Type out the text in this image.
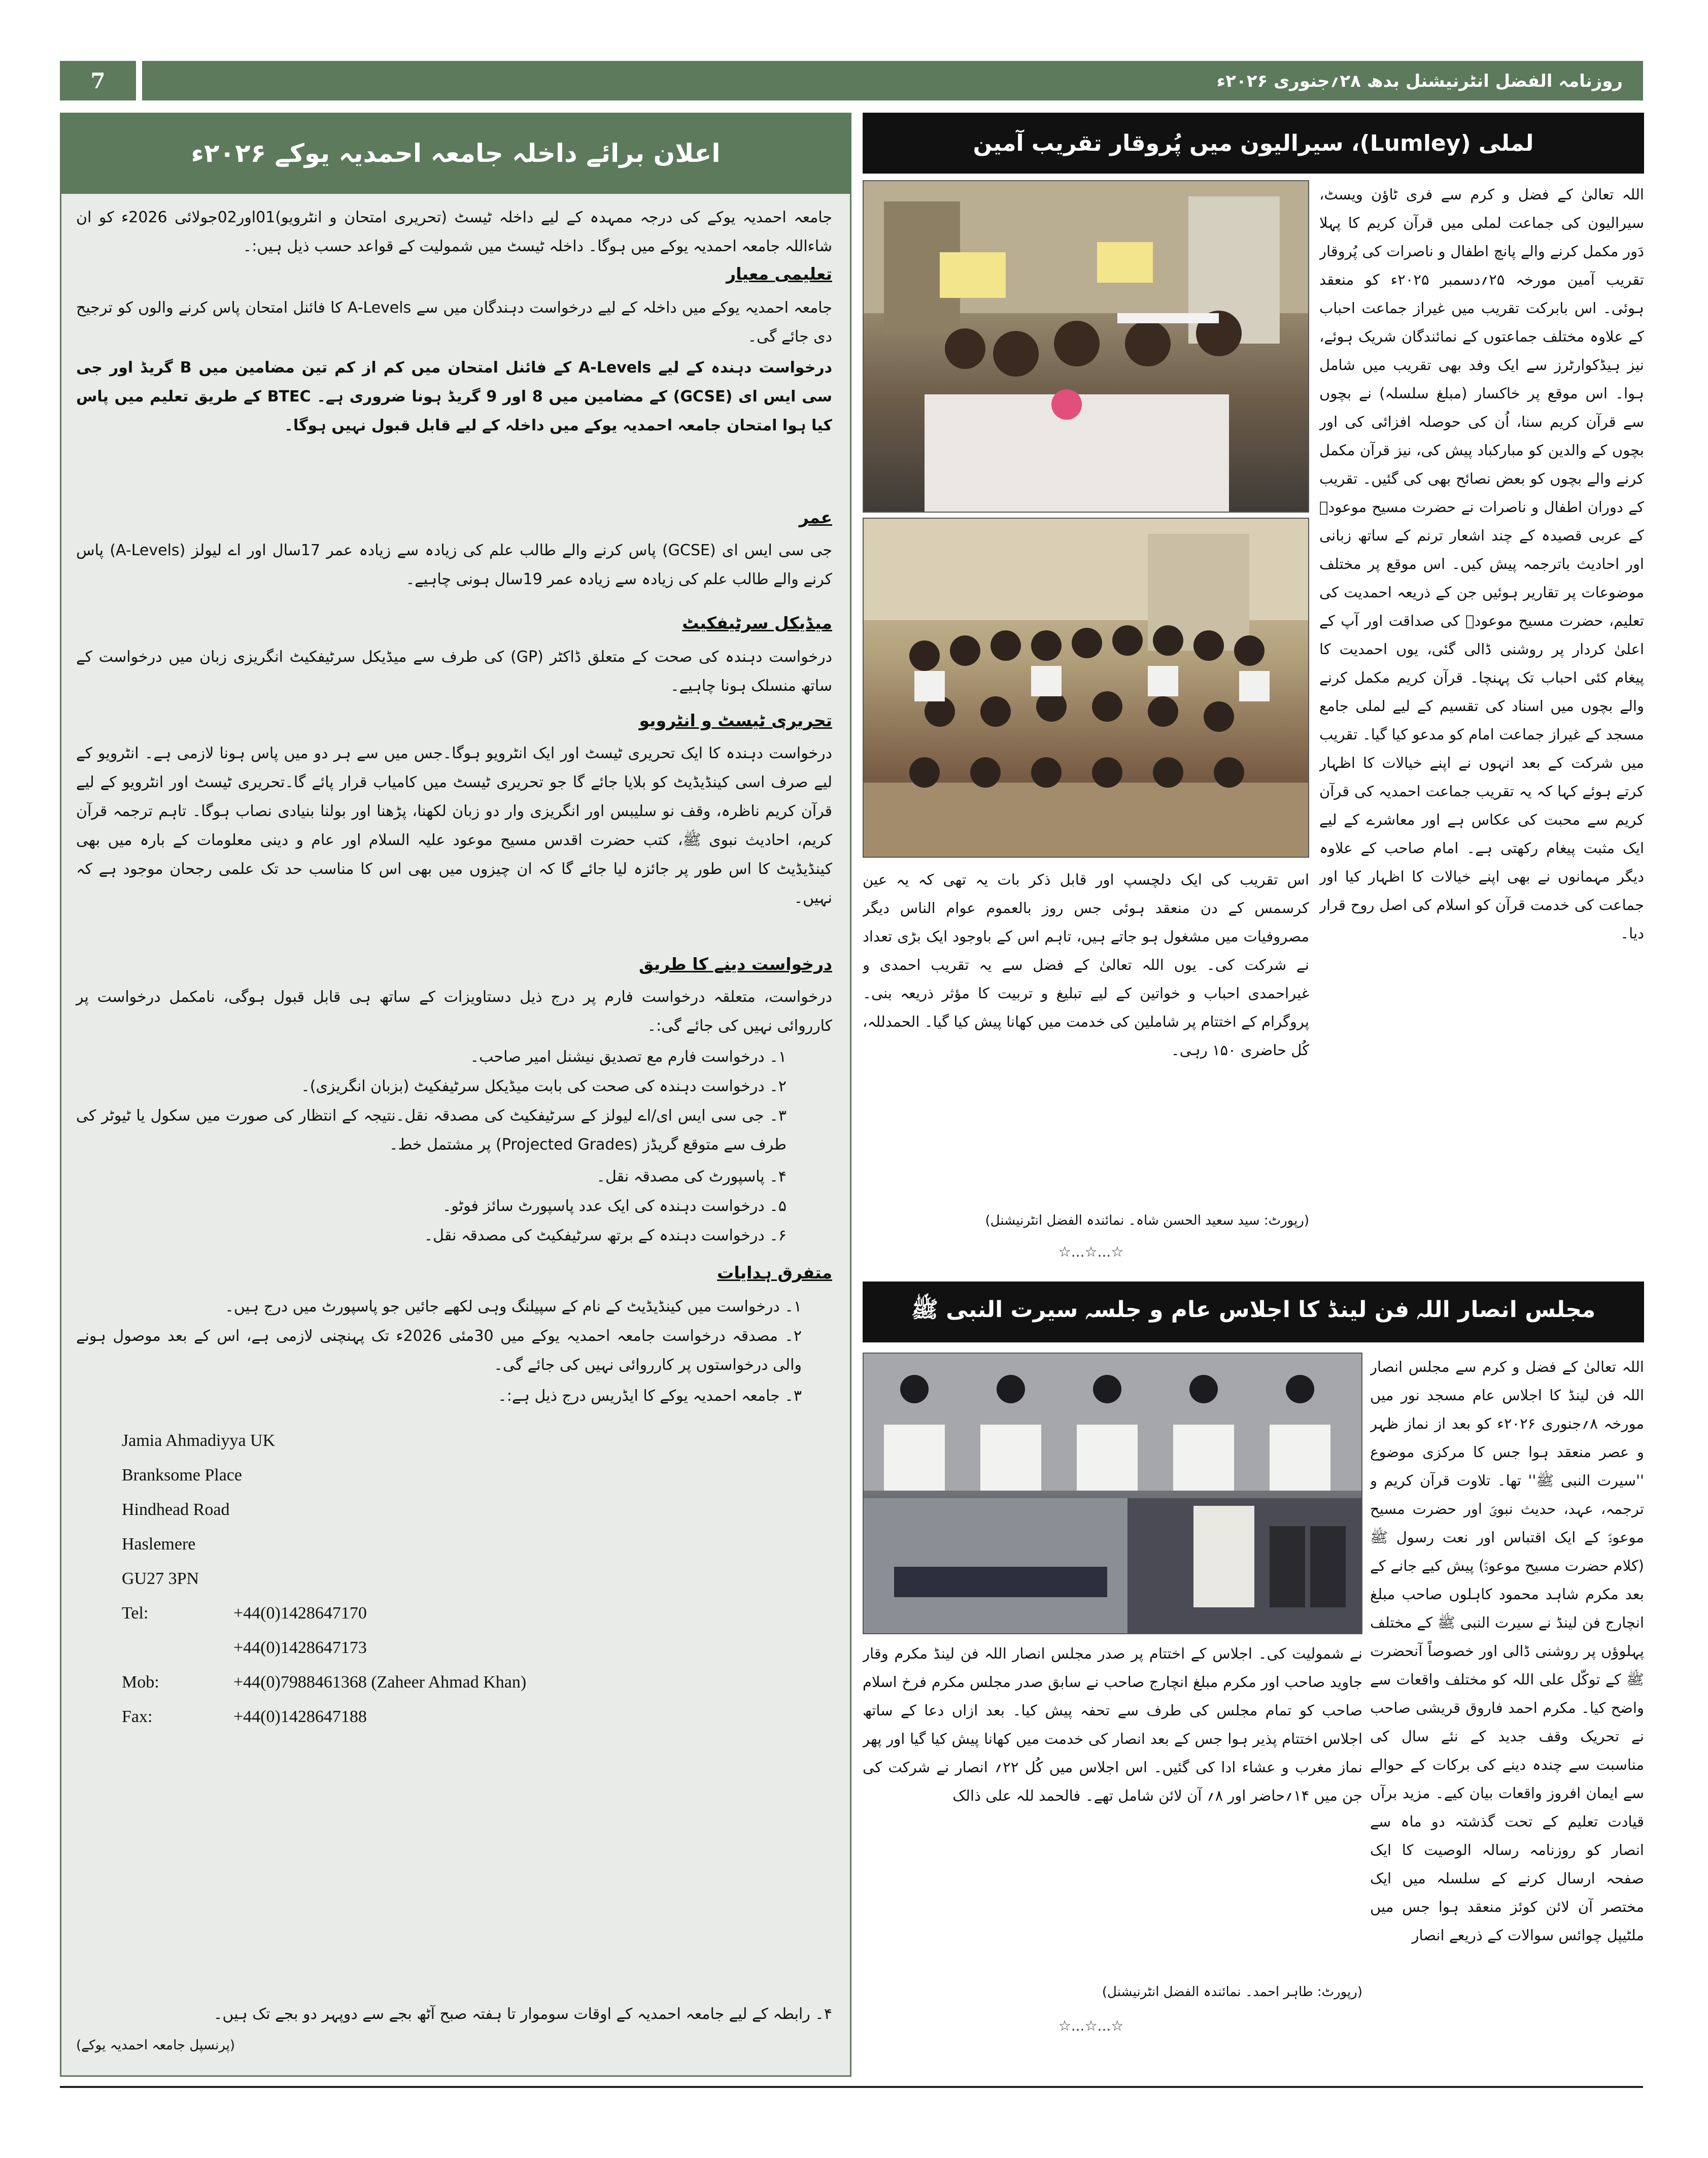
7	روزنامہ الفضل انٹرنیشنل بدھ ۲۸؍جنوری ۲۰۲۶ء
اعلان برائے داخلہ جامعہ احمدیہ یوکے ۲۰۲۶ء
جامعہ احمدیہ یوکے کی درجہ ممہدہ کے لیے داخلہ ٹیسٹ (تحریری امتحان و انٹرویو)01اور02جولائی 2026ء کو ان شاءاللہ جامعہ احمدیہ یوکے میں ہوگا۔ داخلہ ٹیسٹ میں شمولیت کے قواعد حسب ذیل ہیں:۔
تعلیمی معیار
جامعہ احمدیہ یوکے میں داخلہ کے لیے درخواست دہندگان میں سے A-Levels کا فائنل امتحان پاس کرنے والوں کو ترجیح دی جائے گی۔
درخواست دہندہ کے لیے A-Levels کے فائنل امتحان میں کم از کم تین مضامین میں B گریڈ اور جی سی ایس ای (GCSE) کے مضامین میں 8 اور 9 گریڈ ہونا ضروری ہے۔ BTEC کے طریق تعلیم میں پاس کیا ہوا امتحان جامعہ احمدیہ یوکے میں داخلہ کے لیے قابل قبول نہیں ہوگا۔
عمر
جی سی ایس ای (GCSE) پاس کرنے والے طالب علم کی زیادہ سے زیادہ عمر 17سال اور اے لیولز (A-Levels) پاس کرنے والے طالب علم کی زیادہ سے زیادہ عمر 19سال ہونی چاہیے۔
میڈیکل سرٹیفکیٹ
درخواست دہندہ کی صحت کے متعلق ڈاکٹر (GP) کی طرف سے میڈیکل سرٹیفکیٹ انگریزی زبان میں درخواست کے ساتھ منسلک ہونا چاہیے۔
تحریری ٹیسٹ و انٹرویو
درخواست دہندہ کا ایک تحریری ٹیسٹ اور ایک انٹرویو ہوگا۔جس میں سے ہر دو میں پاس ہونا لازمی ہے۔ انٹرویو کے لیے صرف اسی کینڈیڈیٹ کو بلایا جائے گا جو تحریری ٹیسٹ میں کامیاب قرار پائے گا۔تحریری ٹیسٹ اور انٹرویو کے لیے قرآن کریم ناظرہ، وقف نو سلیبس اور انگریزی وار دو زبان لکھنا، پڑھنا اور بولنا بنیادی نصاب ہوگا۔ تاہم ترجمہ قرآن کریم، احادیث نبوی ﷺ، کتب حضرت اقدس مسیح موعود علیہ السلام اور عام و دینی معلومات کے بارہ میں بھی کینڈیڈیٹ کا اس طور پر جائزہ لیا جائے گا کہ ان چیزوں میں بھی اس کا مناسب حد تک علمی رجحان موجود ہے کہ نہیں۔
درخواست دینے کا طریق
درخواست، متعلقہ درخواست فارم پر درج ذیل دستاویزات کے ساتھ ہی قابل قبول ہوگی، نامکمل درخواست پر کارروائی نہیں کی جائے گی:۔
۱۔ درخواست فارم مع تصدیق نیشنل امیر صاحب۔
۲۔ درخواست دہندہ کی صحت کی بابت میڈیکل سرٹیفکیٹ (بزبان انگریزی)۔
۳۔ جی سی ایس ای/اے لیولز کے سرٹیفکیٹ کی مصدقہ نقل۔نتیجہ کے انتظار کی صورت میں سکول یا ٹیوٹر کی طرف سے متوقع گریڈز (Projected Grades) پر مشتمل خط۔
۴۔ پاسپورٹ کی مصدقہ نقل۔
۵۔ درخواست دہندہ کی ایک عدد پاسپورٹ سائز فوٹو۔
۶۔ درخواست دہندہ کے برتھ سرٹیفکیٹ کی مصدقہ نقل۔
متفرق ہدایات
۱۔ درخواست میں کینڈیڈیٹ کے نام کے سپیلنگ وہی لکھے جائیں جو پاسپورٹ میں درج ہیں۔
۲۔ مصدقہ درخواست جامعہ احمدیہ یوکے میں 30مئی 2026ء تک پہنچنی لازمی ہے، اس کے بعد موصول ہونے والی درخواستوں پر کارروائی نہیں کی جائے گی۔
۳۔ جامعہ احمدیہ یوکے کا ایڈریس درج ذیل ہے:۔
Jamia Ahmadiyya UK
Branksome Place
Hindhead Road
Haslemere
GU27 3PN
Tel:	+44(0)1428647170
+44(0)1428647173
Mob:	+44(0)7988461368 (Zaheer Ahmad Khan)
Fax:	+44(0)1428647188
۴۔ رابطہ کے لیے جامعہ احمدیہ کے اوقات سوموار تا ہفتہ صبح آٹھ بجے سے دوپہر دو بجے تک ہیں۔
(پرنسپل جامعہ احمدیہ یوکے)
لملی (Lumley)، سیرالیون میں پُروقار تقریب آمین
اللہ تعالیٰ کے فضل و کرم سے فری ٹاؤن ویسٹ، سیرالیون کی جماعت لملی میں قرآن کریم کا پہلا دَور مکمل کرنے والے پانچ اطفال و ناصرات کی پُروقار تقریب آمین مورخہ ۲۵؍دسمبر ۲۰۲۵ء کو منعقد ہوئی۔ اس بابرکت تقریب میں غیراز جماعت احباب کے علاوہ مختلف جماعتوں کے نمائندگان شریک ہوئے، نیز ہیڈکوارٹرز سے ایک وفد بھی تقریب میں شامل ہوا۔ اس موقع پر خاکسار (مبلغ سلسلہ) نے بچوں سے قرآن کریم سنا، اُن کی حوصلہ افزائی کی اور بچوں کے والدین کو مبارکباد پیش کی، نیز قرآن مکمل کرنے والے بچوں کو بعض نصائح بھی کی گئیں۔ تقریب کے دوران اطفال و ناصرات نے حضرت مسیح موعودؑ کے عربی قصیدہ کے چند اشعار ترنم کے ساتھ زبانی اور احادیث باترجمہ پیش کیں۔ اس موقع پر مختلف موضوعات پر تقاریر ہوئیں جن کے ذریعہ احمدیت کی تعلیم، حضرت مسیح موعودؑ کی صداقت اور آپ کے اعلیٰ کردار پر روشنی ڈالی گئی، یوں احمدیت کا پیغام کئی احباب تک پہنچا۔ قرآن کریم مکمل کرنے والے بچوں میں اسناد کی تقسیم کے لیے لملی جامع مسجد کے غیراز جماعت امام کو مدعو کیا گیا۔ تقریب میں شرکت کے بعد انہوں نے اپنے خیالات کا اظہار کرتے ہوئے کہا کہ یہ تقریب جماعت احمدیہ کی قرآن کریم سے محبت کی عکاس ہے اور معاشرے کے لیے ایک مثبت پیغام رکھتی ہے۔ امام صاحب کے علاوہ دیگر مہمانوں نے بھی اپنے خیالات کا اظہار کیا اور جماعت کی خدمت قرآن کو اسلام کی اصل روح قرار دیا۔
اس تقریب کی ایک دلچسپ اور قابل ذکر بات یہ تھی کہ یہ عین کرسمس کے دن منعقد ہوئی جس روز بالعموم عوام الناس دیگر مصروفیات میں مشغول ہو جاتے ہیں، تاہم اس کے باوجود ایک بڑی تعداد نے شرکت کی۔ یوں اللہ تعالیٰ کے فضل سے یہ تقریب احمدی و غیراحمدی احباب و خواتین کے لیے تبلیغ و تربیت کا مؤثر ذریعہ بنی۔ پروگرام کے اختتام پر شاملین کی خدمت میں کھانا پیش کیا گیا۔ الحمدللہ، کُل حاضری ۱۵۰ رہی۔
(رپورٹ: سید سعید الحسن شاہ۔ نمائندہ الفضل انٹرنیشنل)
☆...☆...☆
مجلس انصار اللہ فن لینڈ کا اجلاس عام و جلسہ سیرت النبی ﷺ
اللہ تعالیٰ کے فضل و کرم سے مجلس انصار اللہ فن لینڈ کا اجلاس عام مسجد نور میں مورخہ ۸؍جنوری ۲۰۲۶ء کو بعد از نماز ظہر و عصر منعقد ہوا جس کا مرکزی موضوع ''سیرت النبی ﷺ'' تھا۔ تلاوت قرآن کریم و ترجمہ، عہد، حدیث نبویؐ اور حضرت مسیح موعودؑ کے ایک اقتباس اور نعت رسول ﷺ (کلام حضرت مسیح موعودؑ) پیش کیے جانے کے بعد مکرم شاہد محمود کاہلوں صاحب مبلغ انچارج فن لینڈ نے سیرت النبی ﷺ کے مختلف پہلوؤں پر روشنی ڈالی اور خصوصاً آنحضرت ﷺ کے توکّل علی اللہ کو مختلف واقعات سے واضح کیا۔ مکرم احمد فاروق قریشی صاحب نے تحریک وقف جدید کے نئے سال کی مناسبت سے چندہ دینے کی برکات کے حوالے سے ایمان افروز واقعات بیان کیے۔ مزید برآں قیادت تعلیم کے تحت گذشتہ دو ماہ سے انصار کو روزنامہ رسالہ الوصیت کا ایک صفحہ ارسال کرنے کے سلسلہ میں ایک مختصر آن لائن کوئز منعقد ہوا جس میں ملٹیپل چوائس سوالات کے ذریعے انصار
نے شمولیت کی۔ اجلاس کے اختتام پر صدر مجلس انصار اللہ فن لینڈ مکرم وقار جاوید صاحب اور مکرم مبلغ انچارج صاحب نے سابق صدر مجلس مکرم فرخ اسلام صاحب کو تمام مجلس کی طرف سے تحفہ پیش کیا۔ بعد ازاں دعا کے ساتھ اجلاس اختتام پذیر ہوا جس کے بعد انصار کی خدمت میں کھانا پیش کیا گیا اور پھر نماز مغرب و عشاء ادا کی گئیں۔ اس اجلاس میں کُل ۲۲؍ انصار نے شرکت کی جن میں ۱۴؍حاضر اور ۸؍ آن لائن شامل تھے۔ فالحمد للہ علی ذالک
(رپورٹ: طاہر احمد۔ نمائندہ الفضل انٹرنیشنل)
☆...☆...☆
